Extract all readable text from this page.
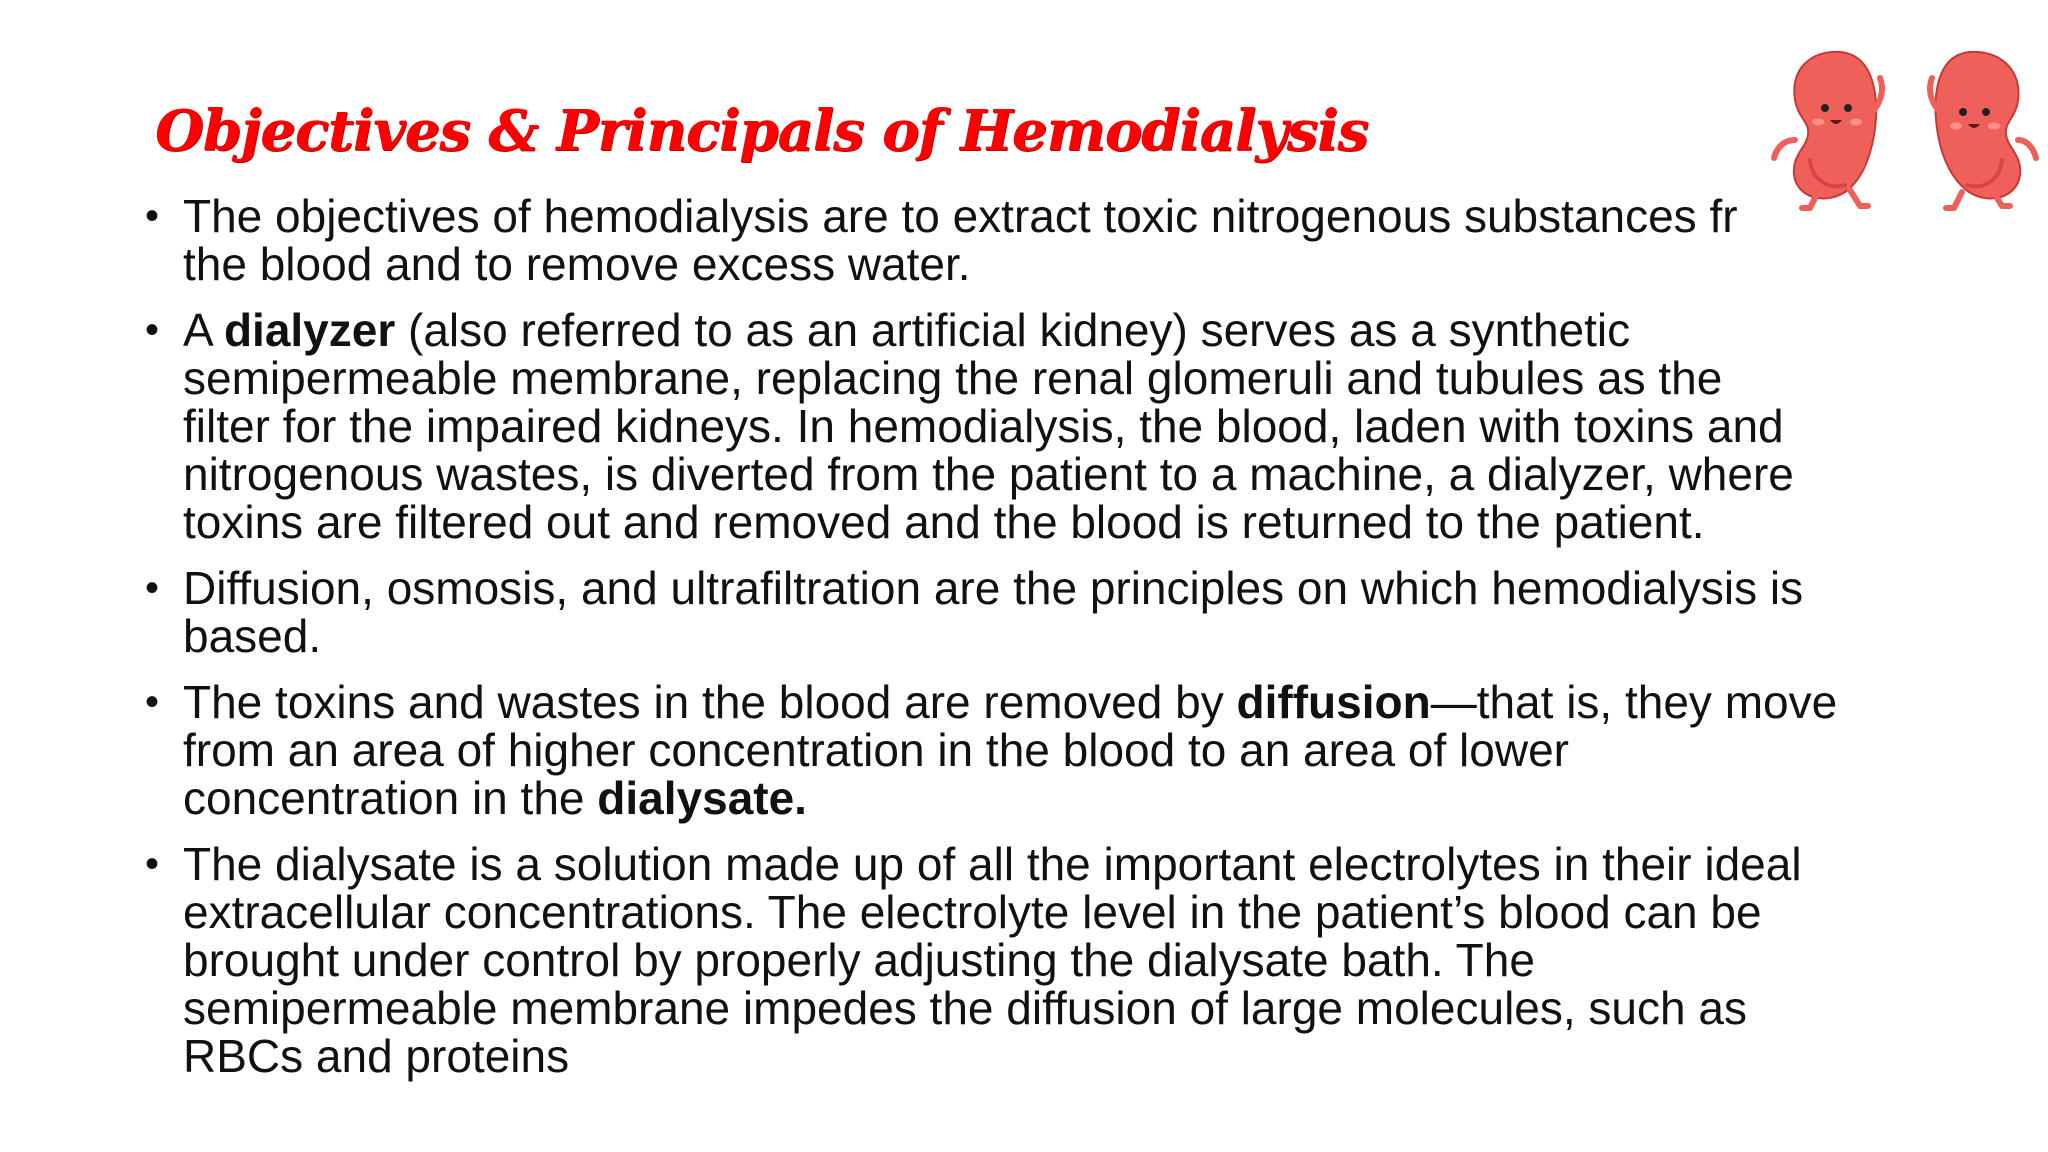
Objectives & Principals of Hemodialysis
• The objectives of hemodialysis are to extract toxic nitrogenous substances fr
the blood and to remove excess water.
• A dialyzer (also referred to as an artificial kidney) serves as a synthetic
semipermeable membrane, replacing the renal glomeruli and tubules as the
filter for the impaired kidneys. In hemodialysis, the blood, laden with toxins and
nitrogenous wastes, is diverted from the patient to a machine, a dialyzer, where
toxins are filtered out and removed and the blood is returned to the patient.
• Diffusion, osmosis, and ultrafiltration are the principles on which hemodialysis is
based.
• The toxins and wastes in the blood are removed by diffusion—that is, they move
from an area of higher concentration in the blood to an area of lower
concentration in the dialysate.
• The dialysate is a solution made up of all the important electrolytes in their ideal
extracellular concentrations. The electrolyte level in the patient’s blood can be
brought under control by properly adjusting the dialysate bath. The
semipermeable membrane impedes the diffusion of large molecules, such as
RBCs and proteins
